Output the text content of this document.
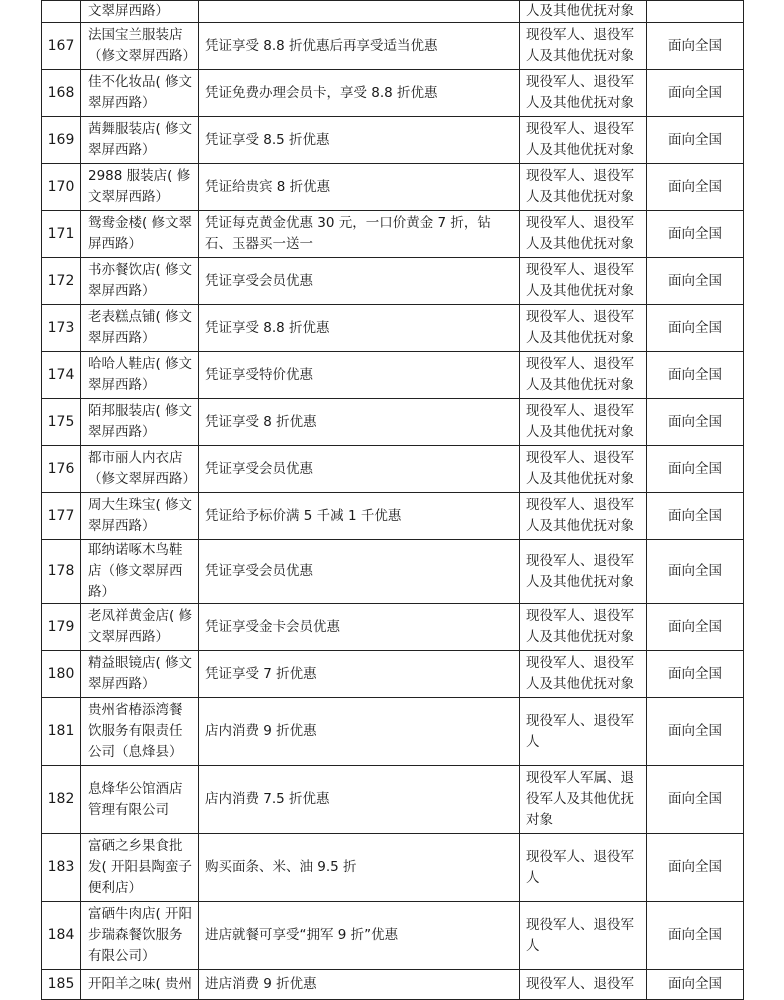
	文翠屏西路）		人及其他优抚对象	
167	法国宝兰服装店（修文翠屏西路）	凭证享受 8.8 折优惠后再享受适当优惠	现役军人、退役军人及其他优抚对象	面向全国
168	佳不化妆品( 修文翠屏西路）	凭证免费办理会员卡，享受 8.8 折优惠	现役军人、退役军人及其他优抚对象	面向全国
169	茜舞服装店( 修文翠屏西路）	凭证享受 8.5 折优惠	现役军人、退役军人及其他优抚对象	面向全国
170	2988 服装店( 修文翠屏西路）	凭证给贵宾 8 折优惠	现役军人、退役军人及其他优抚对象	面向全国
171	鸳鸯金楼( 修文翠屏西路）	凭证每克黄金优惠 30 元，一口价黄金 7 折，钻石、玉器买一送一	现役军人、退役军人及其他优抚对象	面向全国
172	书亦餐饮店( 修文翠屏西路）	凭证享受会员优惠	现役军人、退役军人及其他优抚对象	面向全国
173	老表糕点铺( 修文翠屏西路）	凭证享受 8.8 折优惠	现役军人、退役军人及其他优抚对象	面向全国
174	哈哈人鞋店( 修文翠屏西路）	凭证享受特价优惠	现役军人、退役军人及其他优抚对象	面向全国
175	陌邦服装店( 修文翠屏西路）	凭证享受 8 折优惠	现役军人、退役军人及其他优抚对象	面向全国
176	都市丽人内衣店（修文翠屏西路）	凭证享受会员优惠	现役军人、退役军人及其他优抚对象	面向全国
177	周大生珠宝( 修文翠屏西路）	凭证给予标价满 5 千减 1 千优惠	现役军人、退役军人及其他优抚对象	面向全国
178	耶纳诺啄木鸟鞋店（修文翠屏西路）	凭证享受会员优惠	现役军人、退役军人及其他优抚对象	面向全国
179	老凤祥黄金店( 修文翠屏西路）	凭证享受金卡会员优惠	现役军人、退役军人及其他优抚对象	面向全国
180	精益眼镜店( 修文翠屏西路）	凭证享受 7 折优惠	现役军人、退役军人及其他优抚对象	面向全国
181	贵州省椿添湾餐饮服务有限责任公司（息烽县）	店内消费 9 折优惠	现役军人、退役军人	面向全国
182	息烽华公馆酒店管理有限公司	店内消费 7.5 折优惠	现役军人军属、退役军人及其他优抚对象	面向全国
183	富硒之乡果食批发( 开阳县陶蛮子便利店）	购买面条、米、油 9.5 折	现役军人、退役军人	面向全国
184	富硒牛肉店( 开阳步瑞森餐饮服务有限公司）	进店就餐可享受“拥军 9 折”优惠	现役军人、退役军人	面向全国
185	开阳羊之味( 贵州	进店消费 9 折优惠	现役军人、退役军	面向全国
